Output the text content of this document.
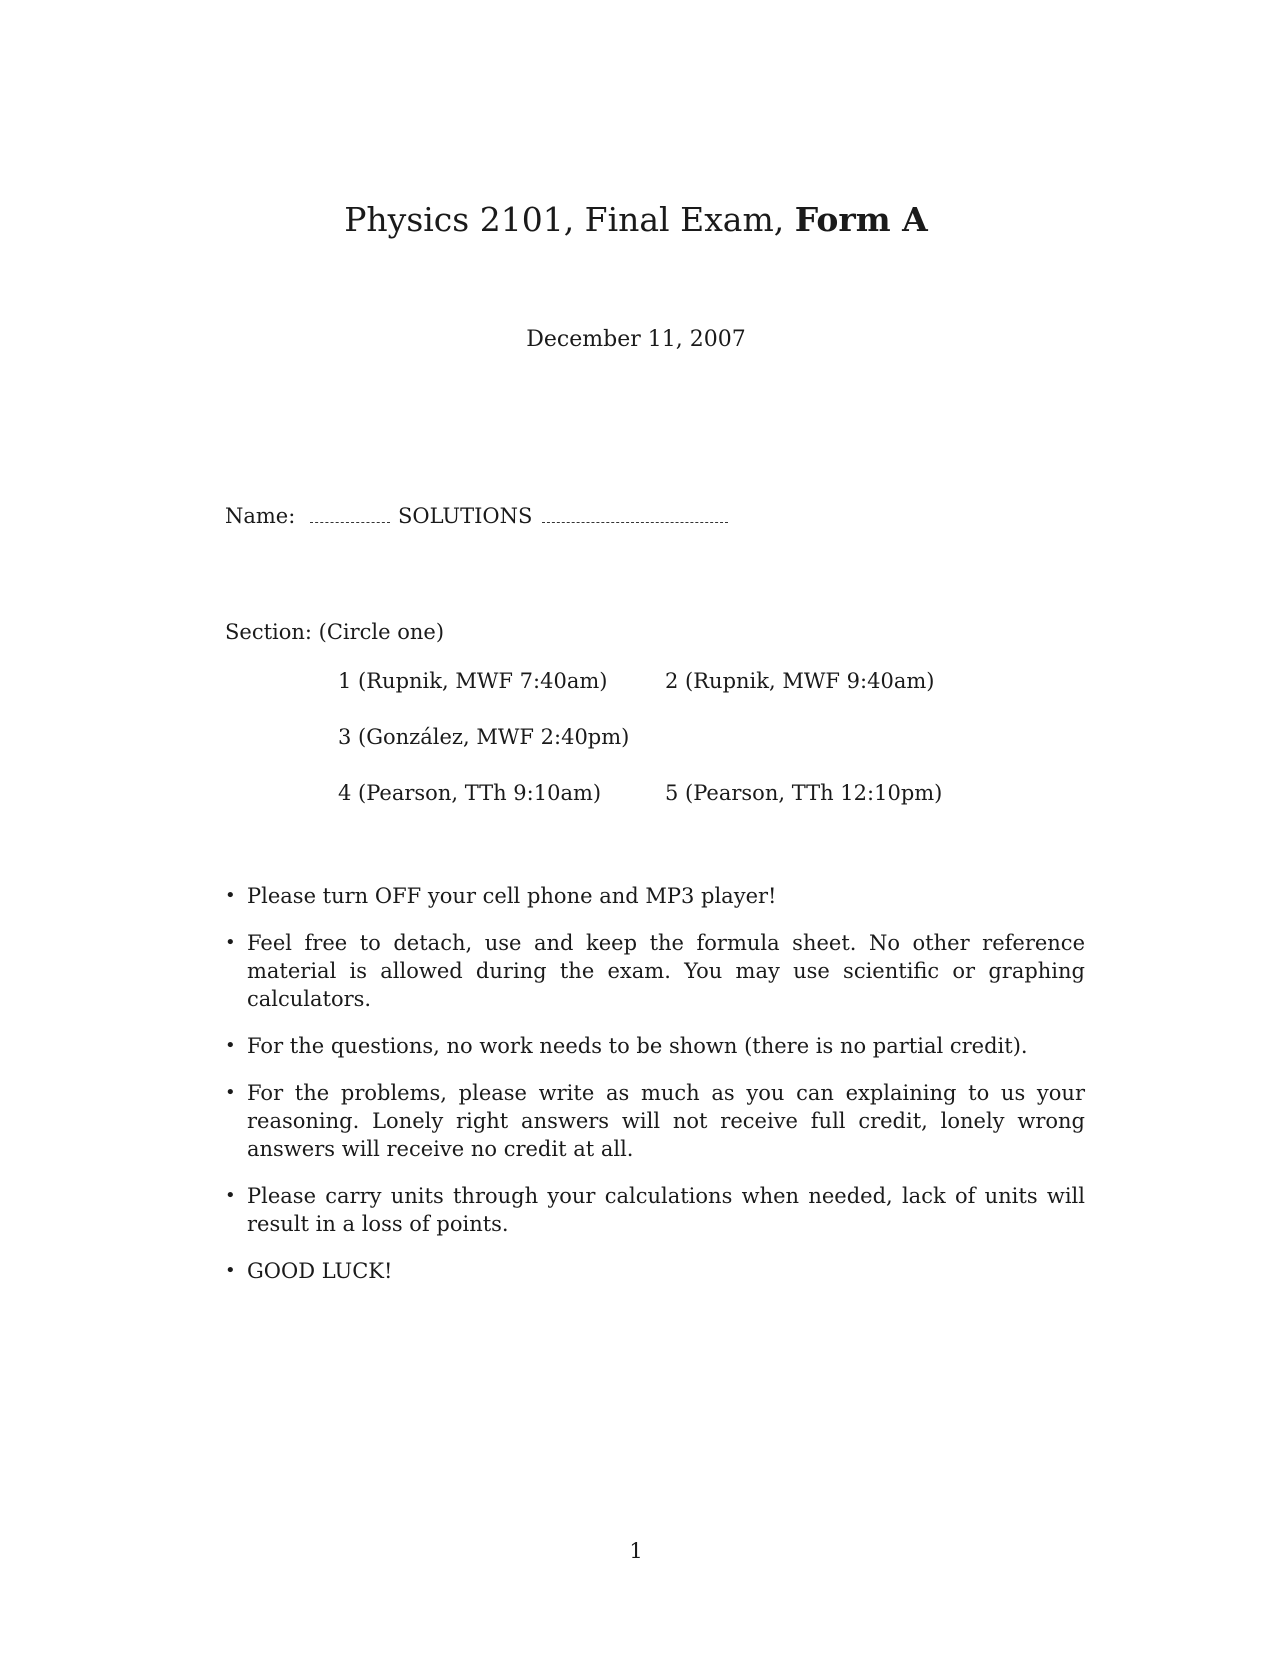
Physics 2101, Final Exam, Form A
December 11, 2007
Name:	SOLUTIONS
Section: (Circle one)
1 (Rupnik, MWF 7:40am)	2 (Rupnik, MWF 9:40am)
3 (González, MWF 2:40pm)
4 (Pearson, TTh 9:10am)	5 (Pearson, TTh 12:10pm)
• Please turn OFF your cell phone and MP3 player!
• Feel free to detach, use and keep the formula sheet. No other reference material is allowed during the exam. You may use scientific or graphing calculators.
• For the questions, no work needs to be shown (there is no partial credit).
• For the problems, please write as much as you can explaining to us your reasoning. Lonely right answers will not receive full credit, lonely wrong answers will receive no credit at all.
• Please carry units through your calculations when needed, lack of units will result in a loss of points.
• GOOD LUCK!
1
